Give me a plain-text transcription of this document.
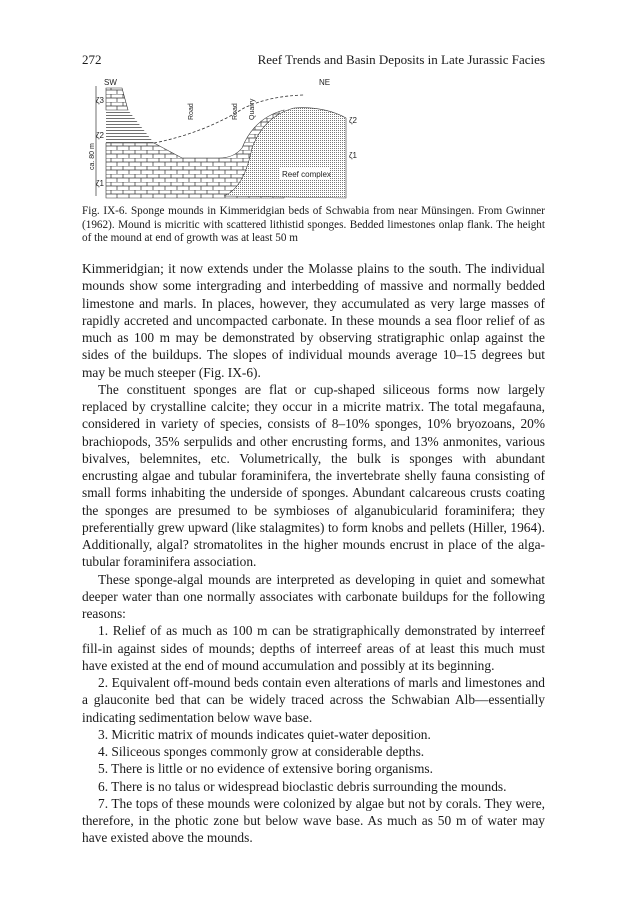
272	Reef Trends and Basin Deposits in Late Jurassic Facies
SW	NE
Road	Road Quarry
ca. 80 m
ζ3
ζ2
ζ1
ζ2
ζ1
Reef complex
Fig. IX-6. Sponge mounds in Kimmeridgian beds of Schwabia from near Münsingen. From Gwinner (1962). Mound is micritic with scattered lithistid sponges. Bedded limestones onlap flank. The height of the mound at end of growth was at least 50 m

Kimmeridgian; it now extends under the Molasse plains to the south. The individual mounds show some intergrading and interbedding of massive and normally bedded limestone and marls. In places, however, they accumulated as very large masses of rapidly accreted and uncompacted carbonate. In these mounds a sea floor relief of as much as 100 m may be demonstrated by observing stratigraphic onlap against the sides of the buildups. The slopes of individual mounds average 10–15 degrees but may be much steeper (Fig. IX-6).

The constituent sponges are flat or cup-shaped siliceous forms now largely replaced by crystalline calcite; they occur in a micrite matrix. The total megafauna, considered in variety of species, consists of 8–10% sponges, 10% bryozoans, 20% brachiopods, 35% serpulids and other encrusting forms, and 13% anmonites, various bivalves, belemnites, etc. Volumetrically, the bulk is sponges with abundant encrusting algae and tubular foraminifera, the invertebrate shelly fauna consisting of small forms inhabiting the underside of sponges. Abundant calcareous crusts coating the sponges are presumed to be symbioses of alganubicularid foraminifera; they preferentially grew upward (like stalagmites) to form knobs and pellets (Hiller, 1964). Additionally, algal? stromatolites in the higher mounds encrust in place of the alga-tubular foraminifera association.

These sponge-algal mounds are interpreted as developing in quiet and somewhat deeper water than one normally associates with carbonate buildups for the following reasons:

1. Relief of as much as 100 m can be stratigraphically demonstrated by interreef fill-in against sides of mounds; depths of interreef areas of at least this much must have existed at the end of mound accumulation and possibly at its beginning.

2. Equivalent off-mound beds contain even alterations of marls and limestones and a glauconite bed that can be widely traced across the Schwabian Alb—essentially indicating sedimentation below wave base.

3. Micritic matrix of mounds indicates quiet-water deposition.

4. Siliceous sponges commonly grow at considerable depths.

5. There is little or no evidence of extensive boring organisms.

6. There is no talus or widespread bioclastic debris surrounding the mounds.

7. The tops of these mounds were colonized by algae but not by corals. They were, therefore, in the photic zone but below wave base. As much as 50 m of water may have existed above the mounds.
